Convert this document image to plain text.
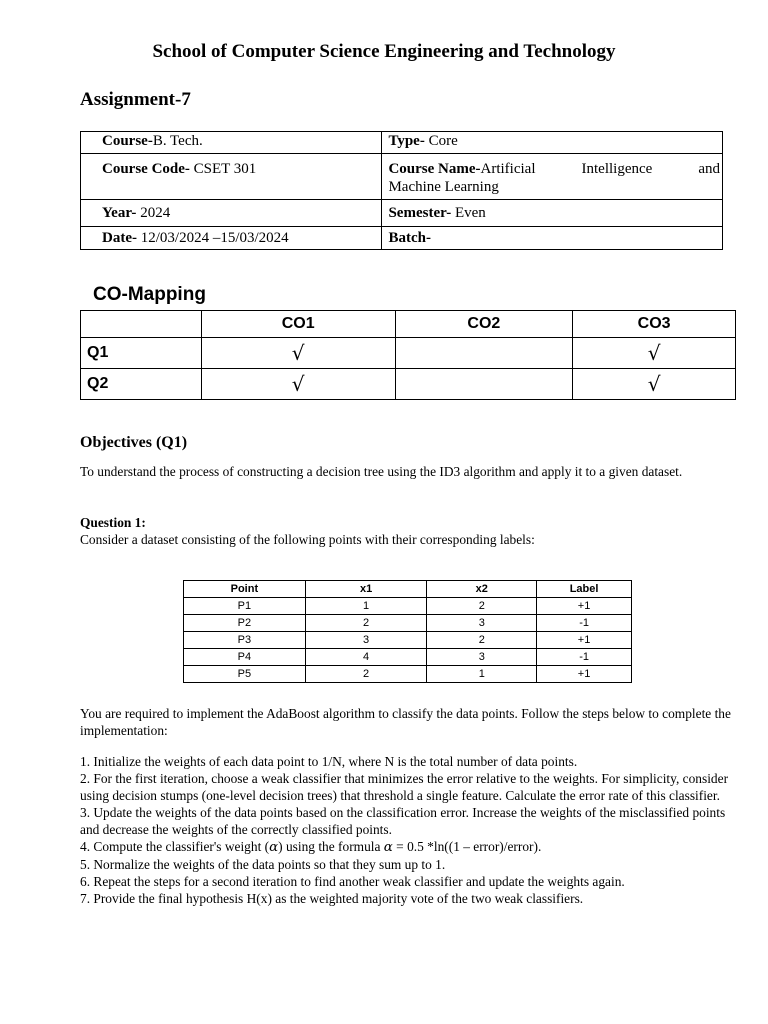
School of Computer Science Engineering and Technology
Assignment-7
Course-B. Tech.	Type- Core
Course Code- CSET 301	Course Name-Artificial Intelligence and
Machine Learning

Year- 2024	Semester- Even
Date- 12/03/2024 –15/03/2024	Batch-
CO-Mapping
	CO1	CO2	CO3
Q1	√		√
Q2	√		√
Objectives (Q1)
To understand the process of constructing a decision tree using the ID3 algorithm and apply it to a given dataset.
Question 1:
Consider a dataset consisting of the following points with their corresponding labels:
Point	x1	x2	Label
P1	1	2	+1
P2	2	3	-1
P3	3	2	+1
P4	4	3	-1
P5	2	1	+1
You are required to implement the AdaBoost algorithm to classify the data points. Follow the steps below to complete the implementation:
1. Initialize the weights of each data point to 1/N, where N is the total number of data points.
2. For the first iteration, choose a weak classifier that minimizes the error relative to the weights. For simplicity, consider using decision stumps (one-level decision trees) that threshold a single feature. Calculate the error rate of this classifier.
3. Update the weights of the data points based on the classification error. Increase the weights of the misclassified points and decrease the weights of the correctly classified points.
4. Compute the classifier's weight (α) using the formula α = 0.5 *ln((1 – error)/error).
5. Normalize the weights of the data points so that they sum up to 1.
6. Repeat the steps for a second iteration to find another weak classifier and update the weights again.
7. Provide the final hypothesis H(x) as the weighted majority vote of the two weak classifiers.
